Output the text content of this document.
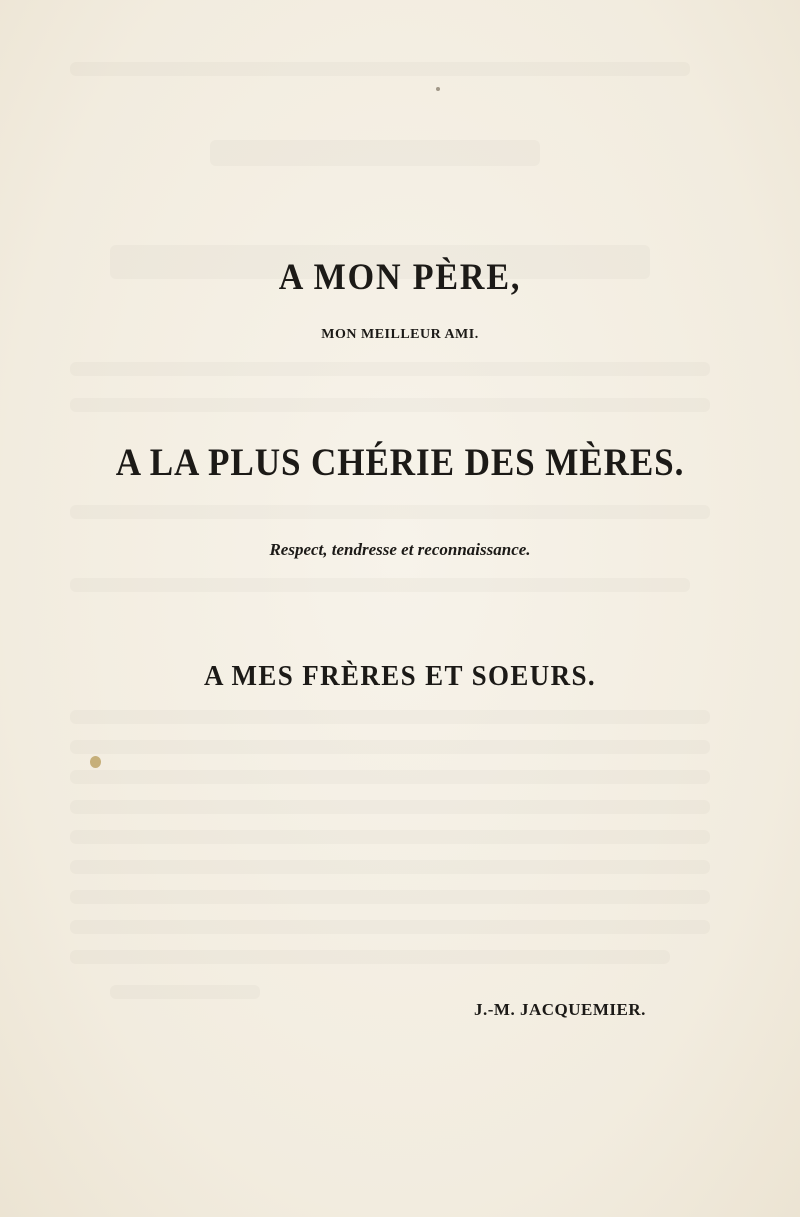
A MON PÈRE,
MON MEILLEUR AMI.
A LA PLUS CHÉRIE DES MÈRES.
Respect, tendresse et reconnaissance.
A MES FRÈRES ET SOEURS.
J.-M. JACQUEMIER.
